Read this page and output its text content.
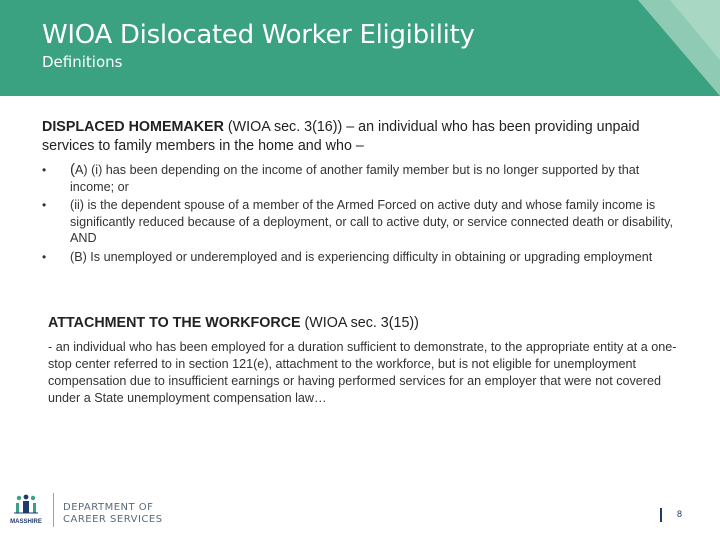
WIOA Dislocated Worker Eligibility
Definitions
DISPLACED HOMEMAKER (WIOA sec. 3(16)) – an individual who has been providing unpaid services to family members in the home and who –
• (A) (i) has been depending on the income of another family member but is no longer supported by that income; or
• (ii) is the dependent spouse of a member of the Armed Forced on active duty and whose family income is significantly reduced because of a deployment, or call to active duty, or service connected death or disability, AND
• (B) Is unemployed or underemployed and is experiencing difficulty in obtaining or upgrading employment
ATTACHMENT TO THE WORKFORCE (WIOA sec. 3(15))
- an individual who has been employed for a duration sufficient to demonstrate, to the appropriate entity at a one-stop center referred to in section 121(e), attachment to the workforce, but is not eligible for unemployment compensation due to insufficient earnings or having performed services for an employer that were not covered under a State unemployment compensation law…
MASSHIRE
DEPARTMENT OF
CAREER SERVICES	8
